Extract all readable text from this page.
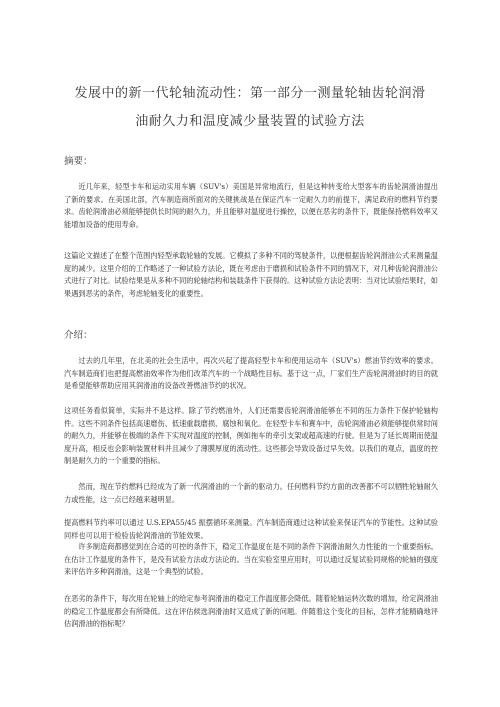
发展中的新一代轮轴流动性：第一部分一测量轮轴齿轮润滑
油耐久力和温度减少量装置的试验方法
摘要：
近几年来，轻型卡车和运动实用车辆（SUV's）美国是异常地流行，但是这种转变给大型客车的齿轮润滑油提出了新的要求。在美国北部，汽车制造商所面对的关键挑战是在保证汽车一定耐久力的前提下，满足政府的燃料节约要求。齿轮润滑油必须能够提供长时间的耐久力，并且能够对温度进行操控，以便在恶劣的条件下，既能保持燃料效率又能增加设备的使用寿命。
这篇论文描述了在整个范围内轻型承载轮轴的发展。它模拟了多种不同的驾驶条件，以便根据齿轮润滑油公式来测量温度的减少。这里介绍的工作略述了一种试验方法论，既在考虑由于磨损和试验条件不同的情况下，对几种齿轮润滑油公式进行了对比。试验结果是从多种不同的轮轴结构和装载条件下获得的。这种试验方法论表明：当对比试验结果时，如果遇到恶劣的条件，考虑轮轴变化的重要性。
介绍：
过去的几年里，在北美的社会生活中，再次兴起了提高轻型卡车和使用运动车（SUV's）燃油节约效率的要求。汽车制造商们也把提高燃油效率作为他们改革汽车的一个战略性目标。基于这一点，厂家们生产齿轮润滑油时的目的就是希望能够帮助应用其润滑油的设备改善燃油节约的状况。
这项任务看似简单，实际并不是这样。除了节约燃油外，人们还需要齿轮润滑油能够在不同的压力条件下保护轮轴构件。这些不同条件包括高速磨伤、低速重载磨损、腐蚀和氧化。在轻型卡车和赛车中，齿轮润滑油必须能够提供常时间的耐久力，并能够在极端的条件下实现对温度的控制，例如拖车的牵引支架或超高速的行驶。但是为了延长周期而使温度升高，相反也会影响装置材料并且减少了薄膜厚度的流动性。这些都会导致设备过早失效。以我们的观点，温度的控制是耐久力的一个重要的指标。
然而，现在节约燃料已经成为了新一代润滑油的一个新的驱动力。任何燃料节约方面的改善都不可以牺牲轮轴耐久力或性能，这一点已经越来越明显。
提高燃料节约率可以通过 U.S.EPA55/45 振摆循环来测量。汽车制造商通过这种试验来保证汽车的节能性。这种试验同样也可以用于检验齿轮润滑油的节能效果。
许多制造商都感觉到在合适的可控的条件下，稳定工作温度在是不同的条件下润滑油耐久力性能的一个重要指标。在估计工作温度的条件下，是没有试验方法或方法论的。当在实验室里应用时，可以通过反复试验同规格的轮轴的强度来评估许多种润滑油，这是一个典型的试验。
在恶劣的条件下，每次用在轮轴上的给定参考润滑油的稳定工作温度都会降低。随着轮轴运转次数的增加，给定润滑油的稳定工作温度都会有所降低。这在评估候选润滑油时又造成了新的问题。伴随着这个变化的目标，怎样才能精确地评估润滑油的指标呢？
